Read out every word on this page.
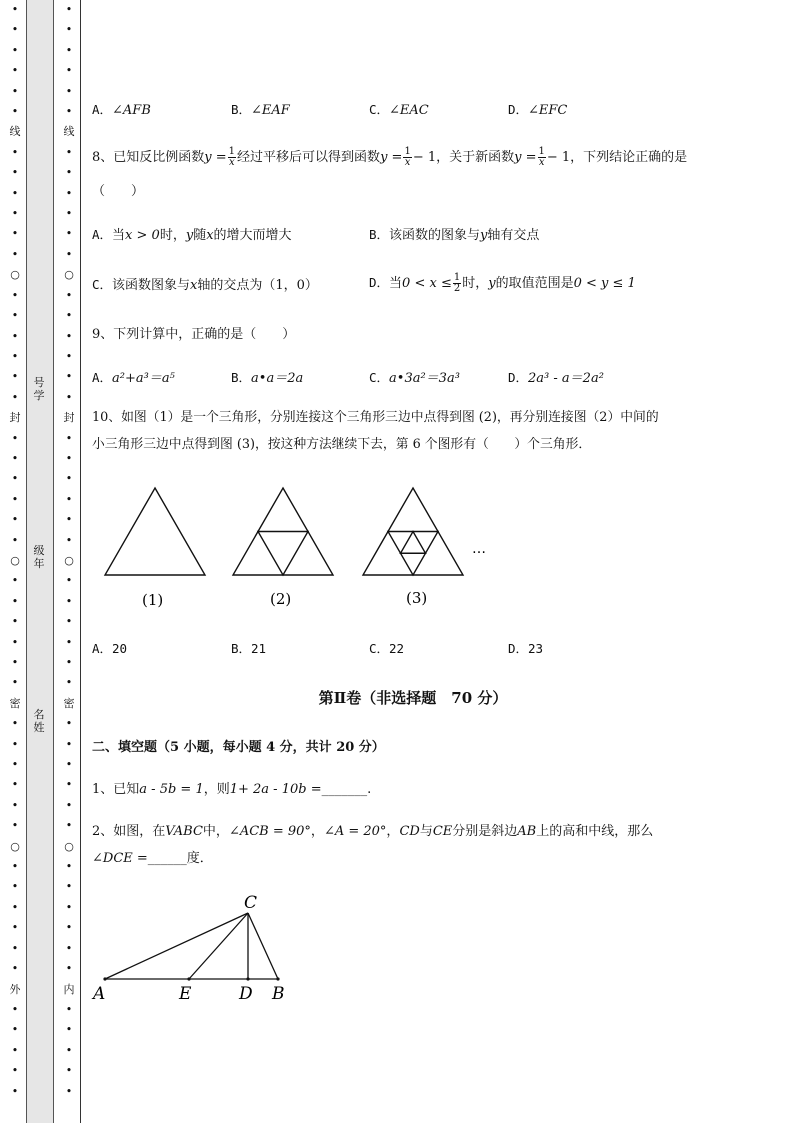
•
•
•
•
•
•
线
•
•
•
•
•
•
○
•
•
•
•
•
•
封
•
•
•
•
•
•
○
•
•
•
•
•
•
密
•
•
•
•
•
•
○
•
•
•
•
•
•
外
•
•
•
•
•
•
•
•
•
•
•
线
•
•
•
•
•
•
○
•
•
•
•
•
•
封
•
•
•
•
•
•
○
•
•
•
•
•
•
密
•
•
•
•
•
•
○
•
•
•
•
•
•
内
•
•
•
•
•
号
学
级
年
名
姓
A．∠AFB	B．∠EAF	C．∠EAC	D．∠EFC
8、已知反比例函数$y = \frac{1}{x}$ 经过平移后可以得到函数$y = \frac{1}{x} - 1$，关于新函数$y = \frac{1}{x} - 1$，下列结论正确的是
（　　）
A．当x > 0时，y随x的增大而增大	B．该函数的图象与y轴有交点
C．该函数图象与x轴的交点为（1，0）	D．当$0 < x \le \frac{1}{2}$ 时，y的取值范围是0 < y ≤ 1
9、下列计算中，正确的是（　　）
A．a²+a³＝a⁵	B．a•a＝2a	C．a•3a²＝3a³	D．2a³ - a＝2a²
10、如图（1）是一个三角形，分别连接这个三角形三边中点得到图 (2)，再分别连接图（2）中间的
小三角形三边中点得到图 (3)，按这种方法继续下去，第 6 个图形有（　　）个三角形．
(1)	(2)	(3)
…
A．20	B．21	C．22	D．23
第Ⅱ卷（非选择题　70 分）
二、填空题（5 小题，每小题 4 分，共计 20 分）
1、已知a - 5b = 1，则1+ 2a - 10b =_______.
2、如图，在VABC中，∠ACB = 90°，∠A = 20°，CD与CE分别是斜边AB上的高和中线，那么
∠DCE =______度．
C
A	E	D B
